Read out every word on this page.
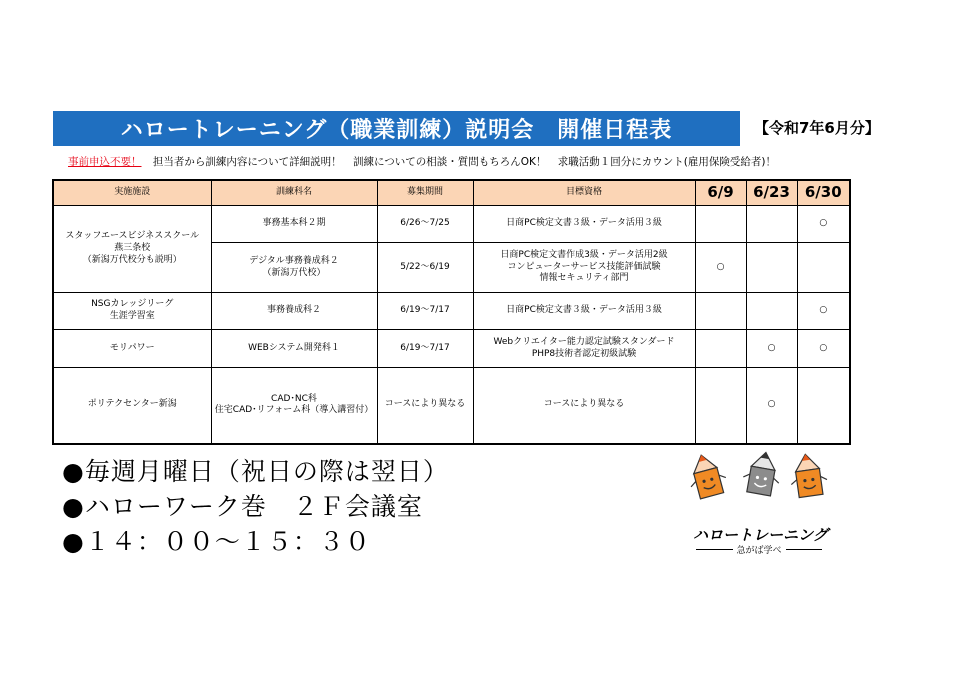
ハロートレーニング（職業訓練）説明会　開催日程表	【令和7年6月分】
事前申込不要！ 担当者から訓練内容について詳細説明！ 訓練についての相談・質問もちろんOK！ 求職活動１回分にカウント(雇用保険受給者)！
実施施設	訓練科名	募集期間	目標資格	6/9	6/23	6/30

スタッフエースビジネススクール
燕三条校
（新潟万代校分も説明）	事務基本科２期	6/26～7/25	日商PC検定文書３級・データ活用３級			○

	デジタル事務養成科２
（新潟万代校）	5/22～6/19	日商PC検定文書作成3級・データ活用2級
コンピューターサービス技能評価試験
情報セキュリティ部門	○		

NSGカレッジリーグ
生涯学習室	事務養成科２	6/19～7/17	日商PC検定文書３級・データ活用３級			○
モリパワー	WEBシステム開発科１	6/19～7/17	Webクリエイター能力認定試験スタンダード
PHP8技術者認定初級試験		○	○
ポリテクセンター新潟	CAD･NC科
住宅CAD･リフォーム科（導入講習付）	コースにより異なる	コースにより異なる		○	
●毎週月曜日（祝日の際は翌日）
●ハローワーク巻　２Ｆ会議室
●１４：００～１５：３０	ハロートレーニング
急がば学べ
